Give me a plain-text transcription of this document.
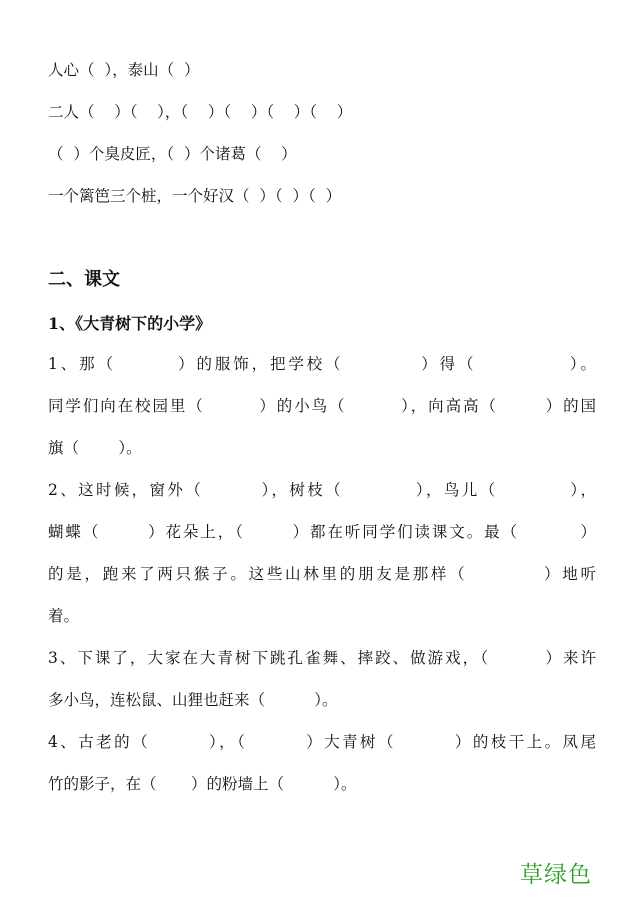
人心（  ），泰山（  ）

二人（    ）（    ），（    ）（    ）（    ）（    ）

（  ）个臭皮匠，（  ）个诸葛（    ）

一个篱笆三个桩，一个好汉（  ）（  ）（  ）

二、课文

1、《大青树下的小学》

1、那（        ）的服饰，把学校（          ）得（            ）。

同学们向在校园里（        ）的小鸟（        ），向高高（       ）的国

旗（        ）。

2、这时候，窗外（        ），树枝（          ），鸟儿（          ），

蝴蝶（       ）花朵上，（       ）都在听同学们读课文。最（         ）

的是，跑来了两只猴子。这些山林里的朋友是那样（          ）地听

着。

3、下课了，大家在大青树下跳孔雀舞、摔跤、做游戏，（        ）来许

多小鸟，连松鼠、山狸也赶来（          ）。

4、古老的（        ），（        ）大青树（        ）的枝干上。凤尾

竹的影子，在（       ）的粉墙上（          ）。

草绿色
